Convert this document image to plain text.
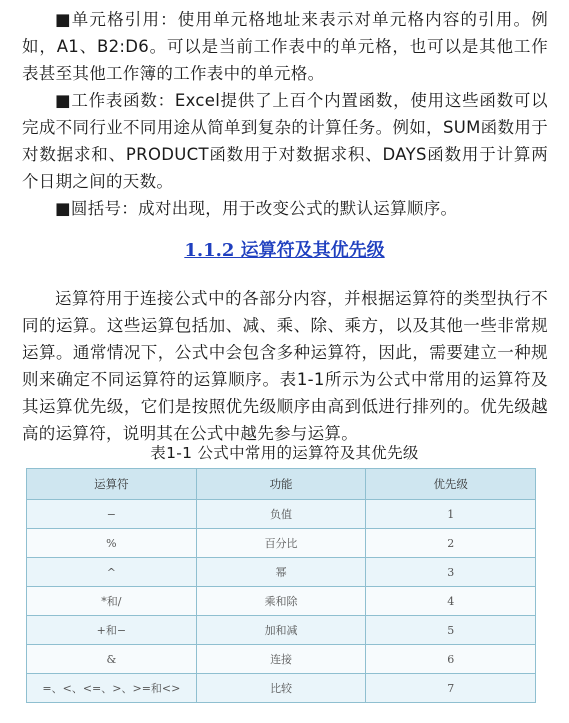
■单元格引用：使用单元格地址来表示对单元格内容的引用。例如，A1、B2:D6。可以是当前工作表中的单元格，也可以是其他工作表甚至其他工作簿的工作表中的单元格。

■工作表函数：Excel提供了上百个内置函数，使用这些函数可以完成不同行业不同用途从简单到复杂的计算任务。例如，SUM函数用于对数据求和、PRODUCT函数用于对数据求积、DAYS函数用于计算两个日期之间的天数。

■圆括号：成对出现，用于改变公式的默认运算顺序。

1.1.2 运算符及其优先级

运算符用于连接公式中的各部分内容，并根据运算符的类型执行不同的运算。这些运算包括加、减、乘、除、乘方，以及其他一些非常规运算。通常情况下，公式中会包含多种运算符，因此，需要建立一种规则来确定不同运算符的运算顺序。表1-1所示为公式中常用的运算符及其运算优先级，它们是按照优先级顺序由高到低进行排列的。优先级越高的运算符，说明其在公式中越先参与运算。

表1-1 公式中常用的运算符及其优先级
运算符	功能	优先级
−	负值	1
%	百分比	2
^	幂	3
*和/	乘和除	4
+和−	加和减	5
&	连接	6
=、<、<=、>、>=和<>	比较	7
